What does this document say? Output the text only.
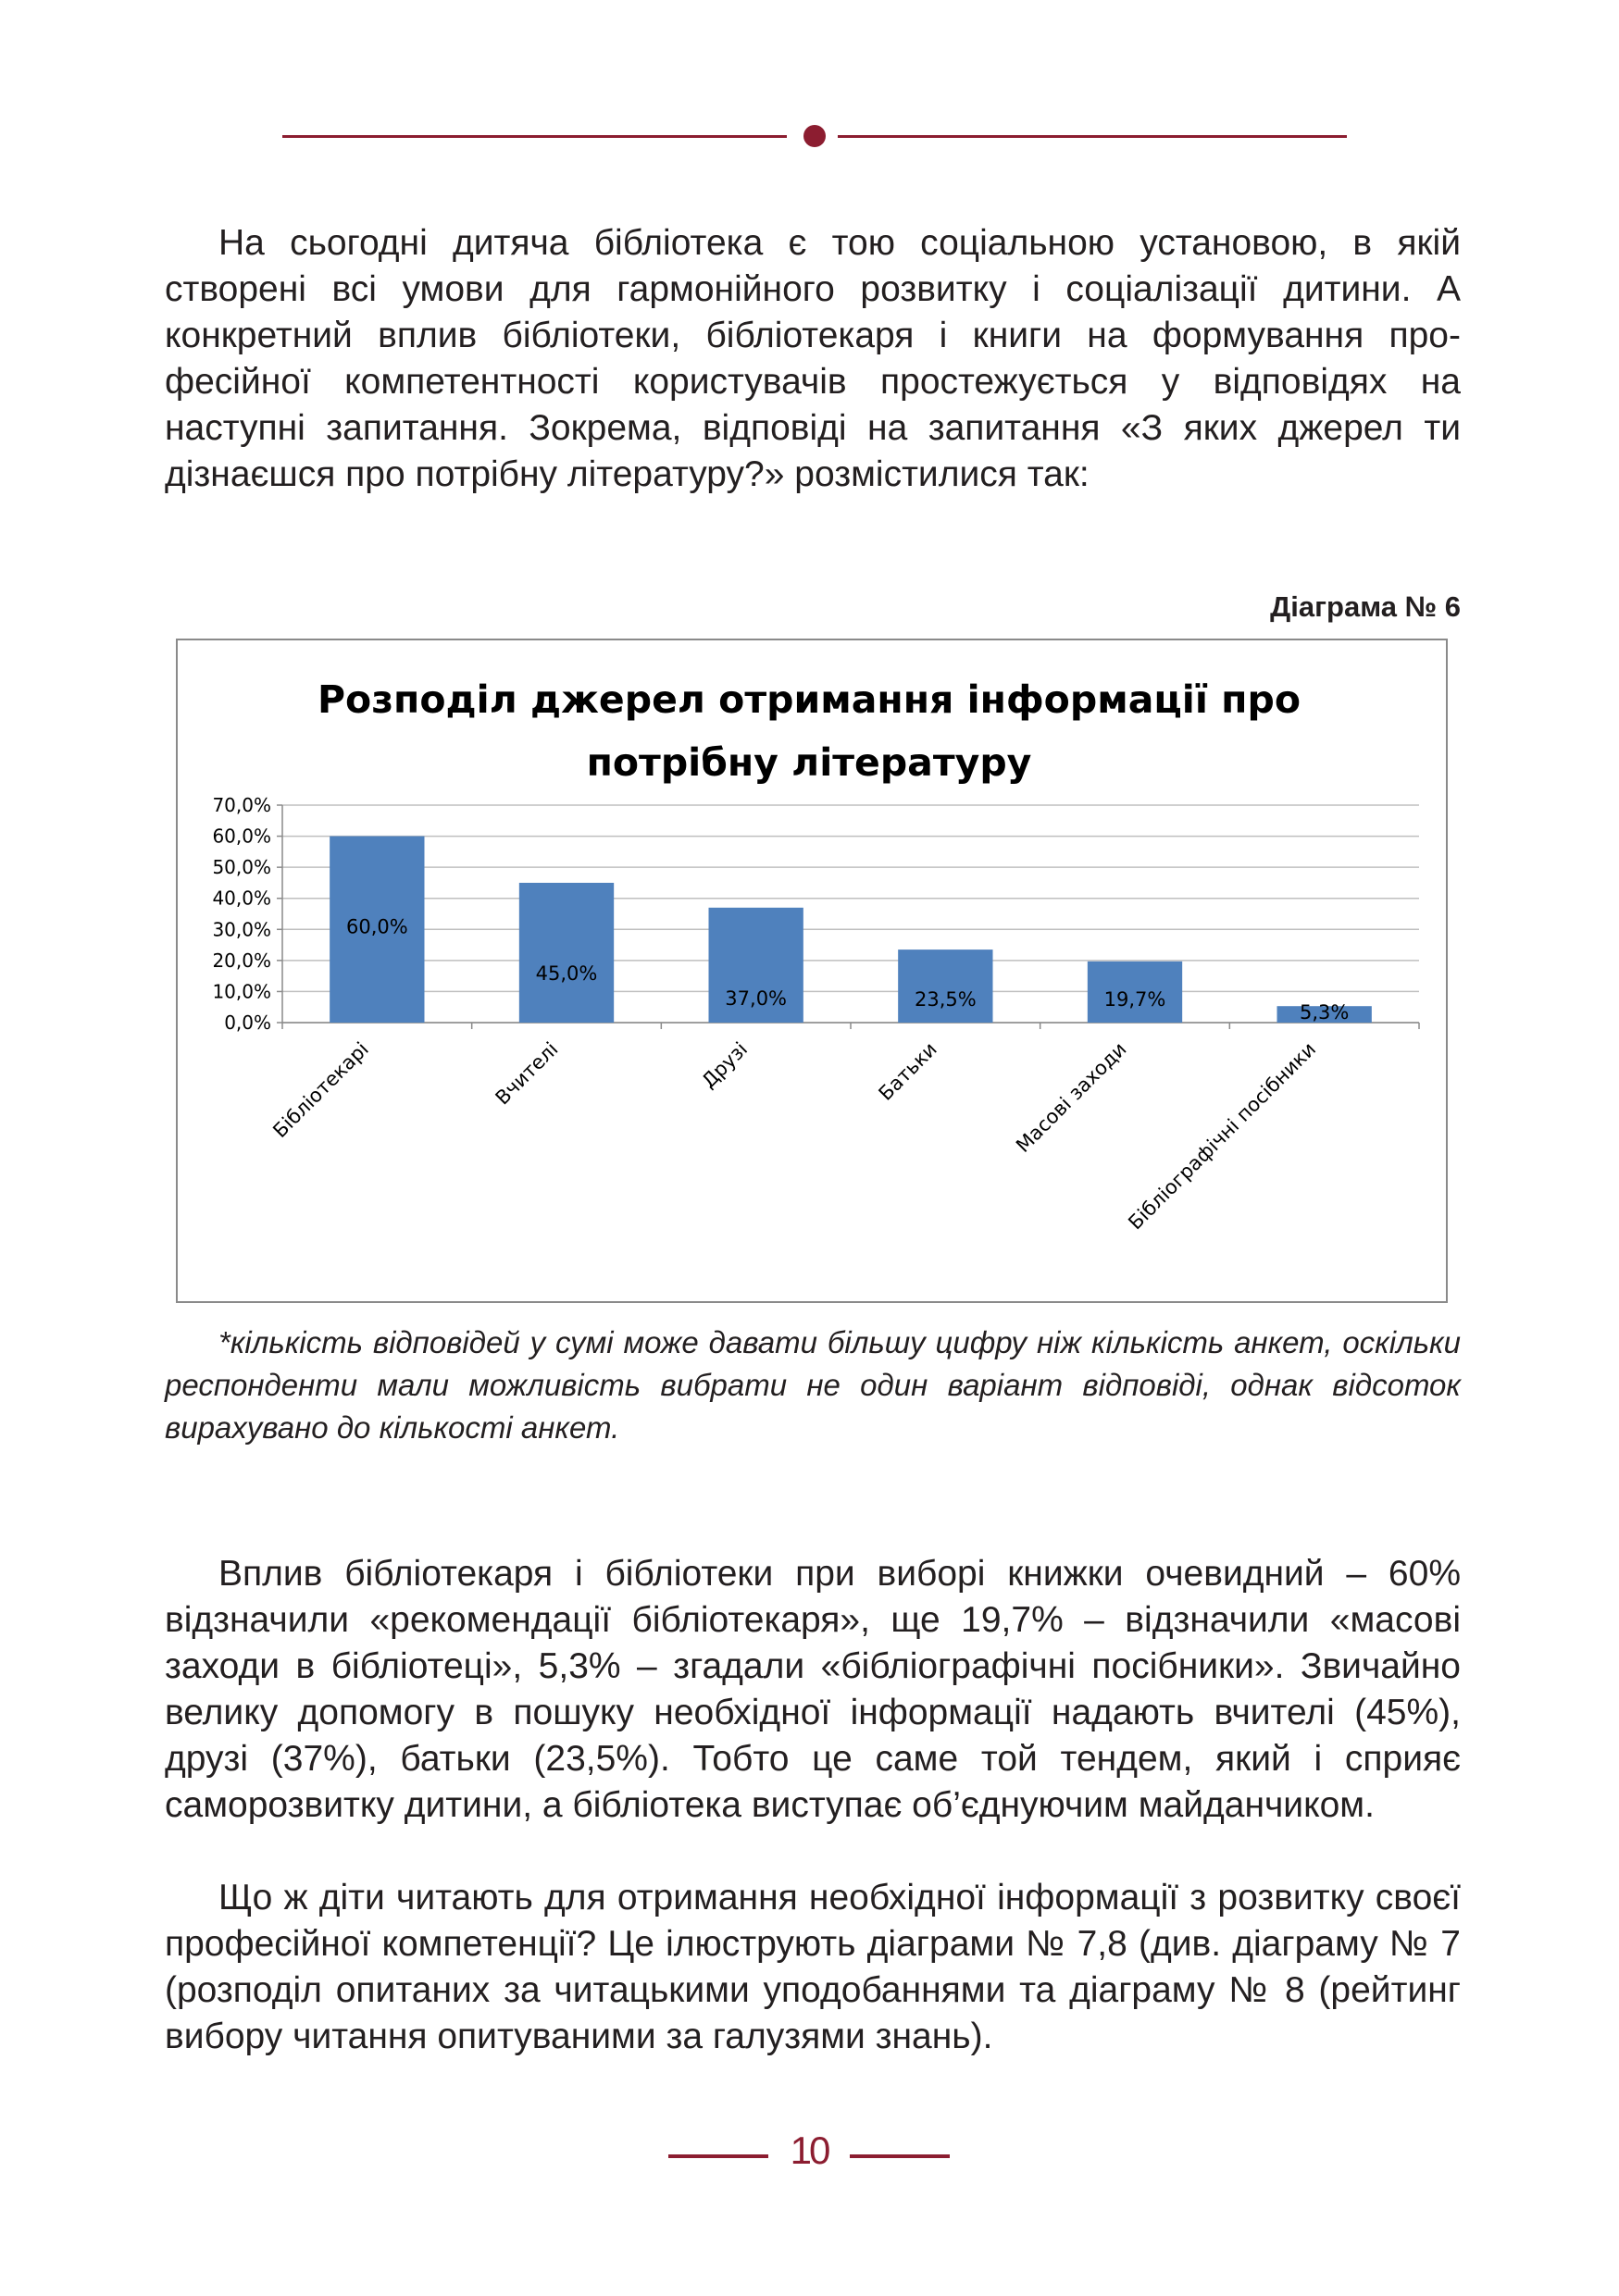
На сьогодні дитяча бібліотека є тою соціальною установою, в якій створені всі умови для гармонійного розвитку і соціалізації дитини. А конкретний вплив бібліотеки, бібліотекаря і книги на формування професійної компетентності користувачів простежується у відповідях на наступні запитання. Зокрема, відповіді на запитання «З яких джерел ти дізнаєшся про потрібну літературу?» розмістилися так:

Діаграма № 6

Розподіл джерел отримання інформації про
потрібну літературу
0,0%
10,0%
20,0%
30,0%
40,0%
50,0%
60,0%
70,0%
60,0%
45,0%
37,0%	23,5%	19,7%
5,3%
Бібліотекарі	Вчителі	Друзі	Батьки	Масові заходи
Бібліографічні посібники

*кількість відповідей у сумі може давати більшу цифру ніж кількість анкет, оскільки респонденти мали можливість вибрати не один варіант відповіді, однак відсоток вирахувано до кількості анкет.

Вплив бібліотекаря і бібліотеки при виборі книжки очевидний – 60% відзначили «рекомендації бібліотекаря», ще 19,7% – відзначили «масові заходи в бібліотеці», 5,3% – згадали «бібліографічні посібники». Звичайно велику допомогу в пошуку необхідної інформації надають вчителі (45%), друзі (37%), батьки (23,5%). Тобто це саме той тендем, який і сприяє саморозвитку дитини, а бібліотека виступає об’єднуючим майданчиком.

Що ж діти читають для отримання необхідної інформації з розвитку своєї професійної компетенції? Це ілюструють діаграми № 7,8 (див. діаграму № 7 (розподіл опитаних за читацькими уподобаннями та діаграму № 8 (рейтинг вибору читання опитуваними за галузями знань).

10
